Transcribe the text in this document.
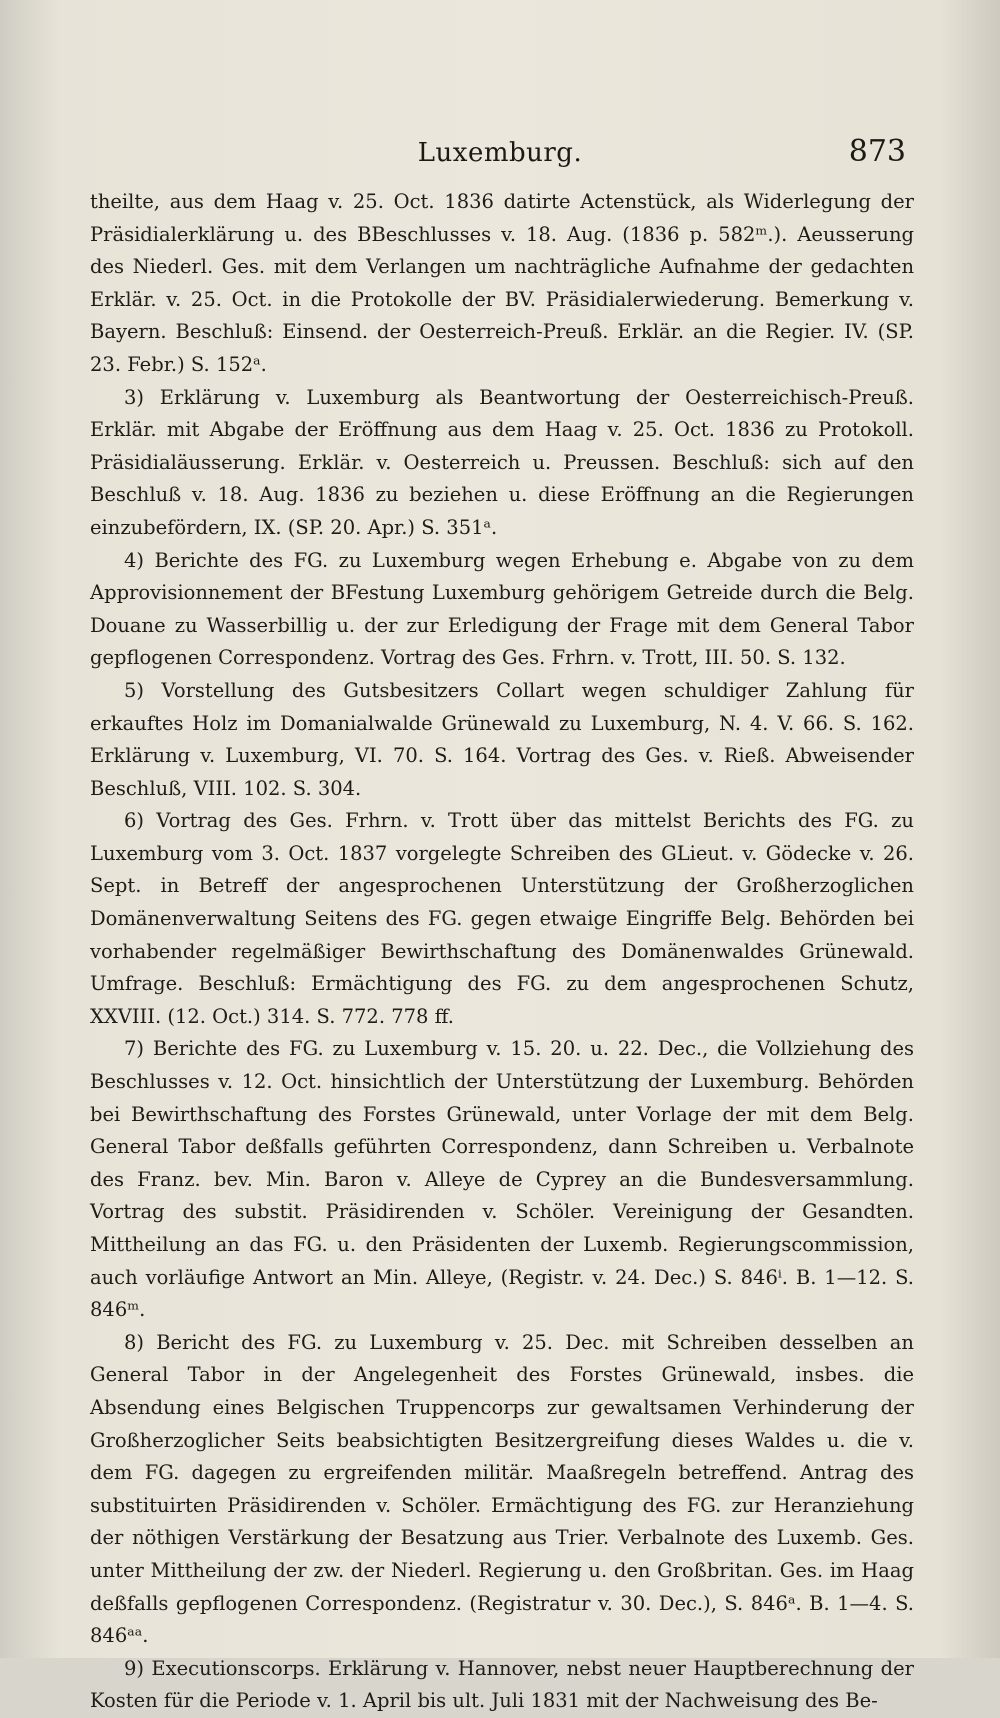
Luxemburg.	873

theilte, aus dem Haag v. 25. Oct. 1836 datirte Actenstück, als Widerlegung der Präsidialerklärung u. des BBeschlusses v. 18. Aug. (1836 p. 582ᵐ.). Aeusserung des Niederl. Ges. mit dem Verlangen um nachträgliche Aufnahme der gedachten Erklär. v. 25. Oct. in die Protokolle der BV. Präsidialerwiederung. Bemerkung v. Bayern. Beschluß: Einsend. der Oesterreich-Preuß. Erklär. an die Regier. IV. (SP. 23. Febr.) S. 152ᵃ.

3) Erklärung v. Luxemburg als Beantwortung der Oesterreichisch-Preuß. Erklär. mit Abgabe der Eröffnung aus dem Haag v. 25. Oct. 1836 zu Protokoll. Präsidialäusserung. Erklär. v. Oesterreich u. Preussen. Beschluß: sich auf den Beschluß v. 18. Aug. 1836 zu beziehen u. diese Eröffnung an die Regierungen einzubefördern, IX. (SP. 20. Apr.) S. 351ᵃ.

4) Berichte des FG. zu Luxemburg wegen Erhebung e. Abgabe von zu dem Approvisionnement der BFestung Luxemburg gehörigem Getreide durch die Belg. Douane zu Wasserbillig u. der zur Erledigung der Frage mit dem General Tabor gepflogenen Correspondenz. Vortrag des Ges. Frhrn. v. Trott, III. 50. S. 132.

5) Vorstellung des Gutsbesitzers Collart wegen schuldiger Zahlung für erkauftes Holz im Domanialwalde Grünewald zu Luxemburg, N. 4. V. 66. S. 162. Erklärung v. Luxemburg, VI. 70. S. 164. Vortrag des Ges. v. Rieß. Abweisender Beschluß, VIII. 102. S. 304.

6) Vortrag des Ges. Frhrn. v. Trott über das mittelst Berichts des FG. zu Luxemburg vom 3. Oct. 1837 vorgelegte Schreiben des GLieut. v. Gödecke v. 26. Sept. in Betreff der angesprochenen Unterstützung der Großherzoglichen Domänenverwaltung Seitens des FG. gegen etwaige Eingriffe Belg. Behörden bei vorhabender regelmäßiger Bewirthschaftung des Domänenwaldes Grünewald. Umfrage. Beschluß: Ermächtigung des FG. zu dem angesprochenen Schutz, XXVIII. (12. Oct.) 314. S. 772. 778 ff.

7) Berichte des FG. zu Luxemburg v. 15. 20. u. 22. Dec., die Vollziehung des Beschlusses v. 12. Oct. hinsichtlich der Unterstützung der Luxemburg. Behörden bei Bewirthschaftung des Forstes Grünewald, unter Vorlage der mit dem Belg. General Tabor deßfalls geführten Correspondenz, dann Schreiben u. Verbalnote des Franz. bev. Min. Baron v. Alleye de Cyprey an die Bundesversammlung. Vortrag des substit. Präsidirenden v. Schöler. Vereinigung der Gesandten. Mittheilung an das FG. u. den Präsidenten der Luxemb. Regierungscommission, auch vorläufige Antwort an Min. Alleye, (Registr. v. 24. Dec.) S. 846ⁱ. B. 1—12. S. 846ᵐ.

8) Bericht des FG. zu Luxemburg v. 25. Dec. mit Schreiben desselben an General Tabor in der Angelegenheit des Forstes Grünewald, insbes. die Absendung eines Belgischen Truppencorps zur gewaltsamen Verhinderung der Großherzoglicher Seits beabsichtigten Besitzergreifung dieses Waldes u. die v. dem FG. dagegen zu ergreifenden militär. Maaßregeln betreffend. Antrag des substituirten Präsidirenden v. Schöler. Ermächtigung des FG. zur Heranziehung der nöthigen Verstärkung der Besatzung aus Trier. Verbalnote des Luxemb. Ges. unter Mittheilung der zw. der Niederl. Regierung u. den Großbritan. Ges. im Haag deßfalls gepflogenen Correspondenz. (Registratur v. 30. Dec.), S. 846ᵃ. B. 1—4. S. 846ᵃᵃ.

9) Executionscorps. Erklärung v. Hannover, nebst neuer Hauptberechnung der Kosten für die Periode v. 1. April bis ult. Juli 1831 mit der Nachweisung des Be-
